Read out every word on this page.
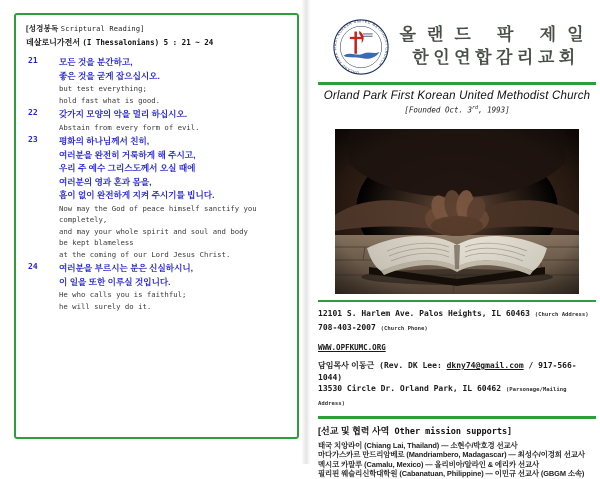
[성경봉독 Scriptural Reading]
데살로니가전서 (I Thessalonians) 5 : 21 ~ 24
21	모든 것을 분간하고,
좋은 것을 굳게 잡으십시오.
but test everything;
hold fast what is good.
22	갖가지 모양의 악을 멀리 하십시오.
Abstain from every form of evil.
23	평화의 하나님께서 친히,
여러분을 완전히 거룩하게 해 주시고,
우리 주 예수 그리스도께서 오실 때에
여러분의 영과 혼과 몸을,
흠이 없이 완전하게 지켜 주시기를 빕니다.
Now may the God of peace himself sanctify you completely,
and may your whole spirit and soul and body
be kept blameless
at the coming of our Lord Jesus Christ.
24	여러분을 부르시는 분은 신실하시니,
이 일을 또한 이루실 것입니다.
He who calls you is faithful;
he will surely do it.
ORLAND PARK FIRST KOREAN UNITED METHODIST CHURCH
올랜드 팍 제일
한인연합감리교회
Orland Park First Korean United Methodist Church
[Founded Oct. 3rd, 1993]
12101 S. Harlem Ave. Palos Heights, IL 60463 (Church Address)
708-403-2007 (Church Phone)
WWW.OPFKUMC.ORG
담임목사 이동근 (Rev. DK Lee: dkny74@gmail.com / 917-566-1044)
13530 Circle Dr. Orland Park, IL 60462 (Parsonage/Mailing Address)
[선교 및 협력 사역 Other mission supports]
태국 치앙라이 (Chiang Lai, Thailand) — 소현수/박호경 선교사
마다가스카르 만드리암베로 (Mandriambero, Madagascar) — 최성수/이경희 선교사
멕시코 카말루 (Camalu, Mexico) — 올리비아/알라인 & 에리카 선교사
필리핀 웨슬리신학대학원 (Cabanatuan, Philippine) — 이민규 선교사 (GBGM 소속)
